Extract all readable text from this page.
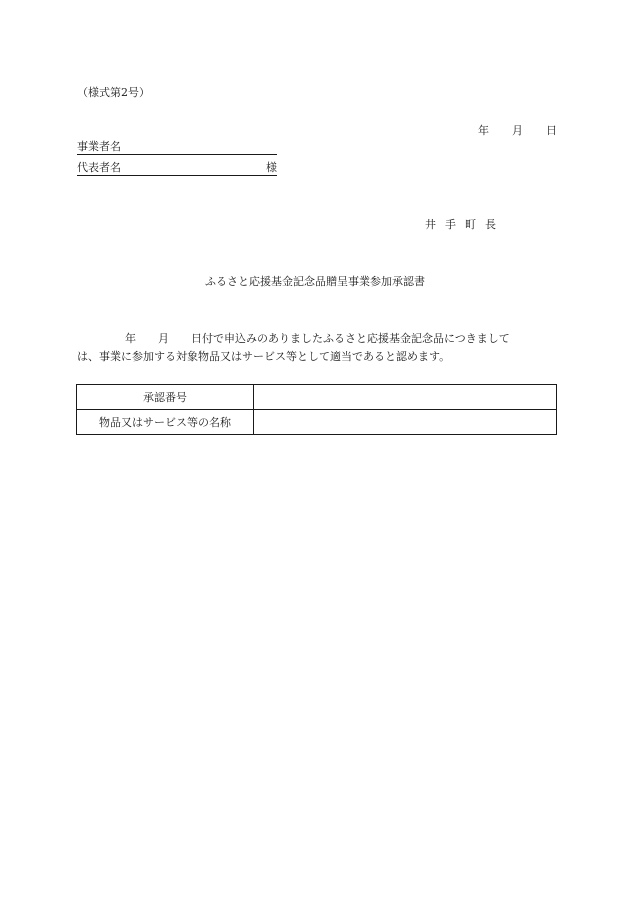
（様式第2号）
年 月 日
事業者名
代表者名	様
井手町長
ふるさと応援基金記念品贈呈事業参加承認書
年 月 日付で申込みのありましたふるさと応援基金記念品につきまして
は、事業に参加する対象物品又はサービス等として適当であると認めます。
承認番号	
物品又はサービス等の名称	
